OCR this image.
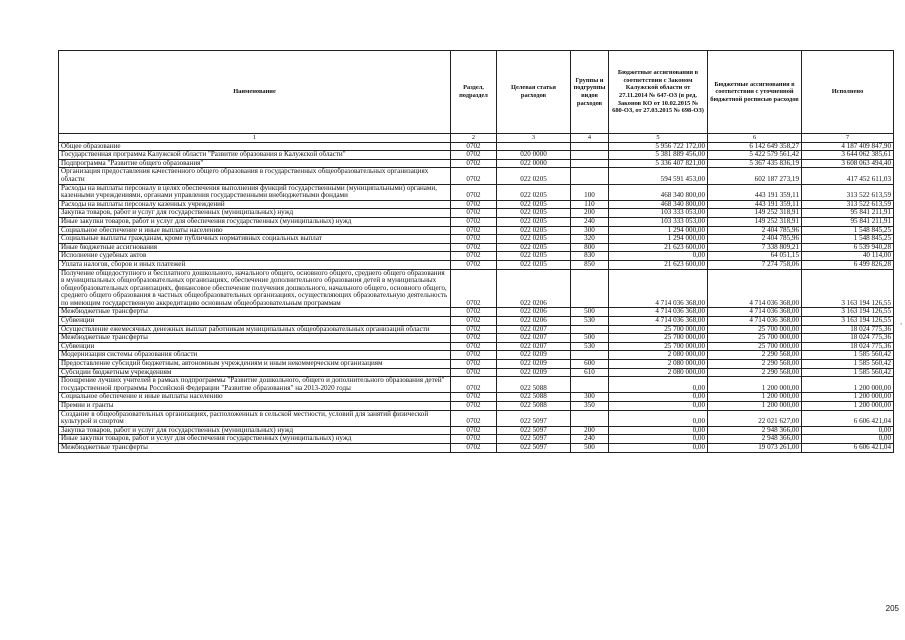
Наименование	Раздел, подраздел	Целевая статья расходов	Группы и подгруппы видов расходов	Бюджетные ассигнования в соответствии с Законом Калужской области от 27.11.2014 № 647-ОЗ (в ред. Законов КО от 10.02.2015 № 680-ОЗ, от 27.03.2015 № 698-ОЗ)	Бюджетные ассигнования в соответствии с уточненной бюджетной росписью расходов	Исполнено
1	2	3	4	5	6	7
Общее образование	0702			5 956 722 172,00	6 142 649 358,27	4 187 409 847,90
Государственная программа Калужской области "Развитие образования в Калужской области"	0702	020 0000		5 381 889 456,00	5 422 579 561,42	3 644 062 385,61
Подпрограмма "Развитие общего образования"	0702	022 0000		5 336 407 821,00	5 367 435 836,19	3 608 063 494,40
Организация предоставления качественного общего образования в государственных общеобразовательных организациях области	0702	022 0205		594 591 453,00	602 187 273,19	417 452 611,03
Расходы на выплаты персоналу в целях обеспечения выполнения функций государственными (муниципальными) органами, казенными учреждениями, органами управления государственными внебюджетными фондами	0702	022 0205	100	468 340 800,00	443 191 359,11	313 522 613,59
Расходы на выплаты персоналу казенных учреждений	0702	022 0205	110	468 340 800,00	443 191 359,11	313 522 613,59
Закупка товаров, работ и услуг для государственных (муниципальных) нужд	0702	022 0205	200	103 333 053,00	149 252 318,91	95 841 211,91
Иные закупки товаров, работ и услуг для обеспечения государственных (муниципальных) нужд	0702	022 0205	240	103 333 053,00	149 252 318,91	95 841 211,91
Социальное обеспечение и иные выплаты населению	0702	022 0205	300	1 294 000,00	2 404 785,96	1 548 845,25
Социальные выплаты гражданам, кроме публичных нормативных социальных выплат	0702	022 0205	320	1 294 000,00	2 404 785,96	1 548 845,25
Иные бюджетные ассигнования	0702	022 0205	800	21 623 600,00	7 338 809,21	6 539 940,28
Исполнение судебных актов	0702	022 0205	830	0,00	64 051,15	40 114,00
Уплата налогов, сборов и иных платежей	0702	022 0205	850	21 623 600,00	7 274 758,06	6 499 826,28
Получение общедоступного и бесплатного дошкольного, начального общего, основного общего, среднего общего образования в муниципальных общеобразовательных организациях, обеспечение дополнительного образования детей в муниципальных общеобразовательных организациях, финансовое обеспечение получения дошкольного, начального общего, основного общего, среднего общего образования в частных общеобразовательных организациях, осуществляющих образовательную деятельность по имеющим государственную аккредитацию основным общеобразовательным программам	0702	022 0206		4 714 036 368,00	4 714 036 368,00	3 163 194 126,55
Межбюджетные трансферты	0702	022 0206	500	4 714 036 368,00	4 714 036 368,00	3 163 194 126,55
Субвенции	0702	022 0206	530	4 714 036 368,00	4 714 036 368,00	3 163 194 126,55
Осуществление ежемесячных денежных выплат работникам муниципальных общеобразовательных организаций области	0702	022 0207		25 700 000,00	25 700 000,00	18 024 775,36
Межбюджетные трансферты	0702	022 0207	500	25 700 000,00	25 700 000,00	18 024 775,36
Субвенции	0702	022 0207	530	25 700 000,00	25 700 000,00	18 024 775,36
Модернизация системы образования области	0702	022 0209		2 080 000,00	2 290 568,00	1 585 560,42
Предоставление субсидий бюджетным, автономным учреждениям и иным некоммерческим организациям	0702	022 0209	600	2 080 000,00	2 290 568,00	1 585 560,42
Субсидии бюджетным учреждениям	0702	022 0209	610	2 080 000,00	2 290 568,00	1 585 560,42
Поощрение лучших учителей в рамках подпрограммы "Развитие дошкольного, общего и дополнительного образования детей" государственной программы Российской Федерации "Развитие образования" на 2013-2020 годы	0702	022 5088		0,00	1 200 000,00	1 200 000,00
Социальное обеспечение и иные выплаты населению	0702	022 5088	300	0,00	1 200 000,00	1 200 000,00
Премии и гранты	0702	022 5088	350	0,00	1 200 000,00	1 200 000,00
Создание в общеобразовательных организациях, расположенных в сельской местности, условий для занятий физической культурой и спортом	0702	022 5097		0,00	22 021 627,00	6 606 421,04
Закупка товаров, работ и услуг для государственных (муниципальных) нужд	0702	022 5097	200	0,00	2 948 366,00	0,00
Иные закупки товаров, работ и услуг для обеспечения государственных (муниципальных) нужд	0702	022 5097	240	0,00	2 948 366,00	0,00
Межбюджетные трансферты	0702	022 5097	500	0,00	19 073 261,00	6 606 421,04
205
,
